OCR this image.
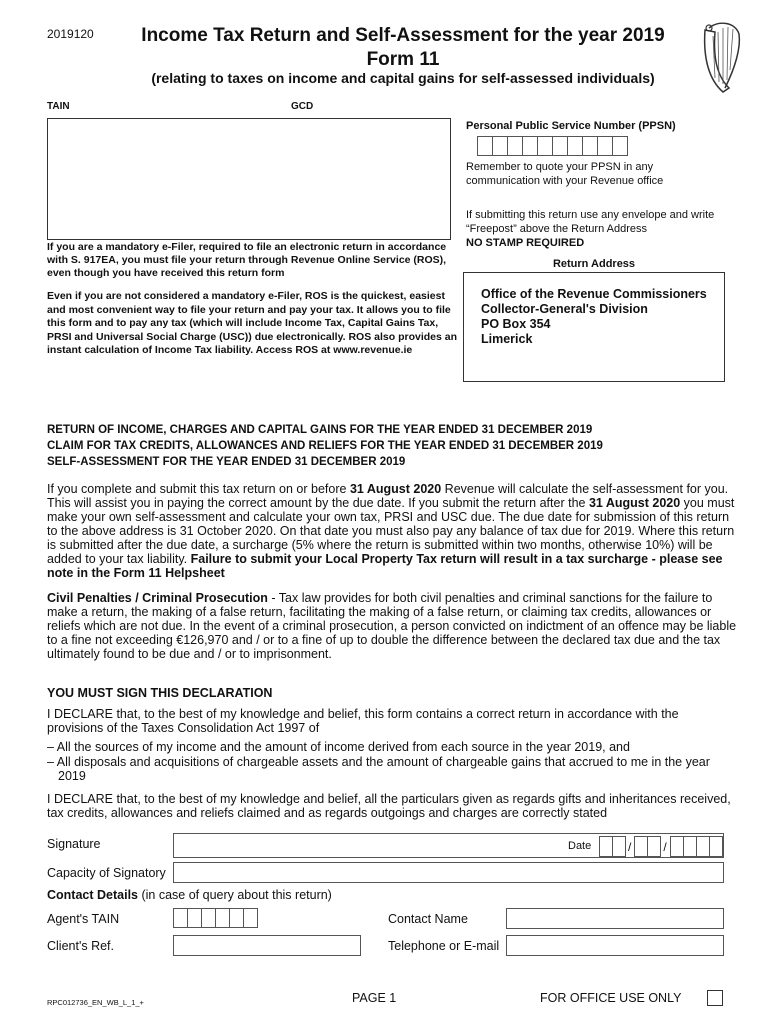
2019120	Income Tax Return and Self-Assessment for the year 2019
Form 11
(relating to taxes on income and capital gains for self-assessed individuals)
TAIN	GCD
Personal Public Service Number (PPSN)
Remember to quote your PPSN in any communication with your Revenue office
If submitting this return use any envelope and write “Freepost” above the Return Address
NO STAMP REQUIRED
If you are a mandatory e-Filer, required to file an electronic return in accordance with S. 917EA, you must file your return through Revenue Online Service (ROS), even though you have received this return form
Return Address
Office of the Revenue Commissioners
Collector-General's Division
PO Box 354
Limerick
Even if you are not considered a mandatory e-Filer, ROS is the quickest, easiest and most convenient way to file your return and pay your tax. It allows you to file this form and to pay any tax (which will include Income Tax, Capital Gains Tax, PRSI and Universal Social Charge (USC)) due electronically. ROS also provides an instant calculation of Income Tax liability. Access ROS at www.revenue.ie
RETURN OF INCOME, CHARGES AND CAPITAL GAINS FOR THE YEAR ENDED 31 DECEMBER 2019
CLAIM FOR TAX CREDITS, ALLOWANCES AND RELIEFS FOR THE YEAR ENDED 31 DECEMBER 2019
SELF-ASSESSMENT FOR THE YEAR ENDED 31 DECEMBER 2019
If you complete and submit this tax return on or before 31 August 2020 Revenue will calculate the self-assessment for you. This will assist you in paying the correct amount by the due date. If you submit the return after the 31 August 2020 you must make your own self-assessment and calculate your own tax, PRSI and USC due. The due date for submission of this return to the above address is 31 October 2020. On that date you must also pay any balance of tax due for 2019. Where this return is submitted after the due date, a surcharge (5% where the return is submitted within two months, otherwise 10%) will be added to your tax liability. Failure to submit your Local Property Tax return will result in a tax surcharge - please see note in the Form 11 Helpsheet
Civil Penalties / Criminal Prosecution - Tax law provides for both civil penalties and criminal sanctions for the failure to make a return, the making of a false return, facilitating the making of a false return, or claiming tax credits, allowances or reliefs which are not due. In the event of a criminal prosecution, a person convicted on indictment of an offence may be liable to a fine not exceeding €126,970 and / or to a fine of up to double the difference between the declared tax due and the tax ultimately found to be due and / or to imprisonment.
YOU MUST SIGN THIS DECLARATION
I DECLARE that, to the best of my knowledge and belief, this form contains a correct return in accordance with the provisions of the Taxes Consolidation Act 1997 of
– All the sources of my income and the amount of income derived from each source in the year 2019, and
– All disposals and acquisitions of chargeable assets and the amount of chargeable gains that accrued to me in the year 2019
I DECLARE that, to the best of my knowledge and belief, all the particulars given as regards gifts and inheritances received, tax credits, allowances and reliefs claimed and as regards outgoings and charges are correctly stated
Signature	Date	/	/
Capacity of Signatory
Contact Details (in case of query about this return)
Agent's TAIN	Contact Name
Client's Ref.	Telephone or E-mail
RPC012736_EN_WB_L_1_+	PAGE 1	FOR OFFICE USE ONLY
